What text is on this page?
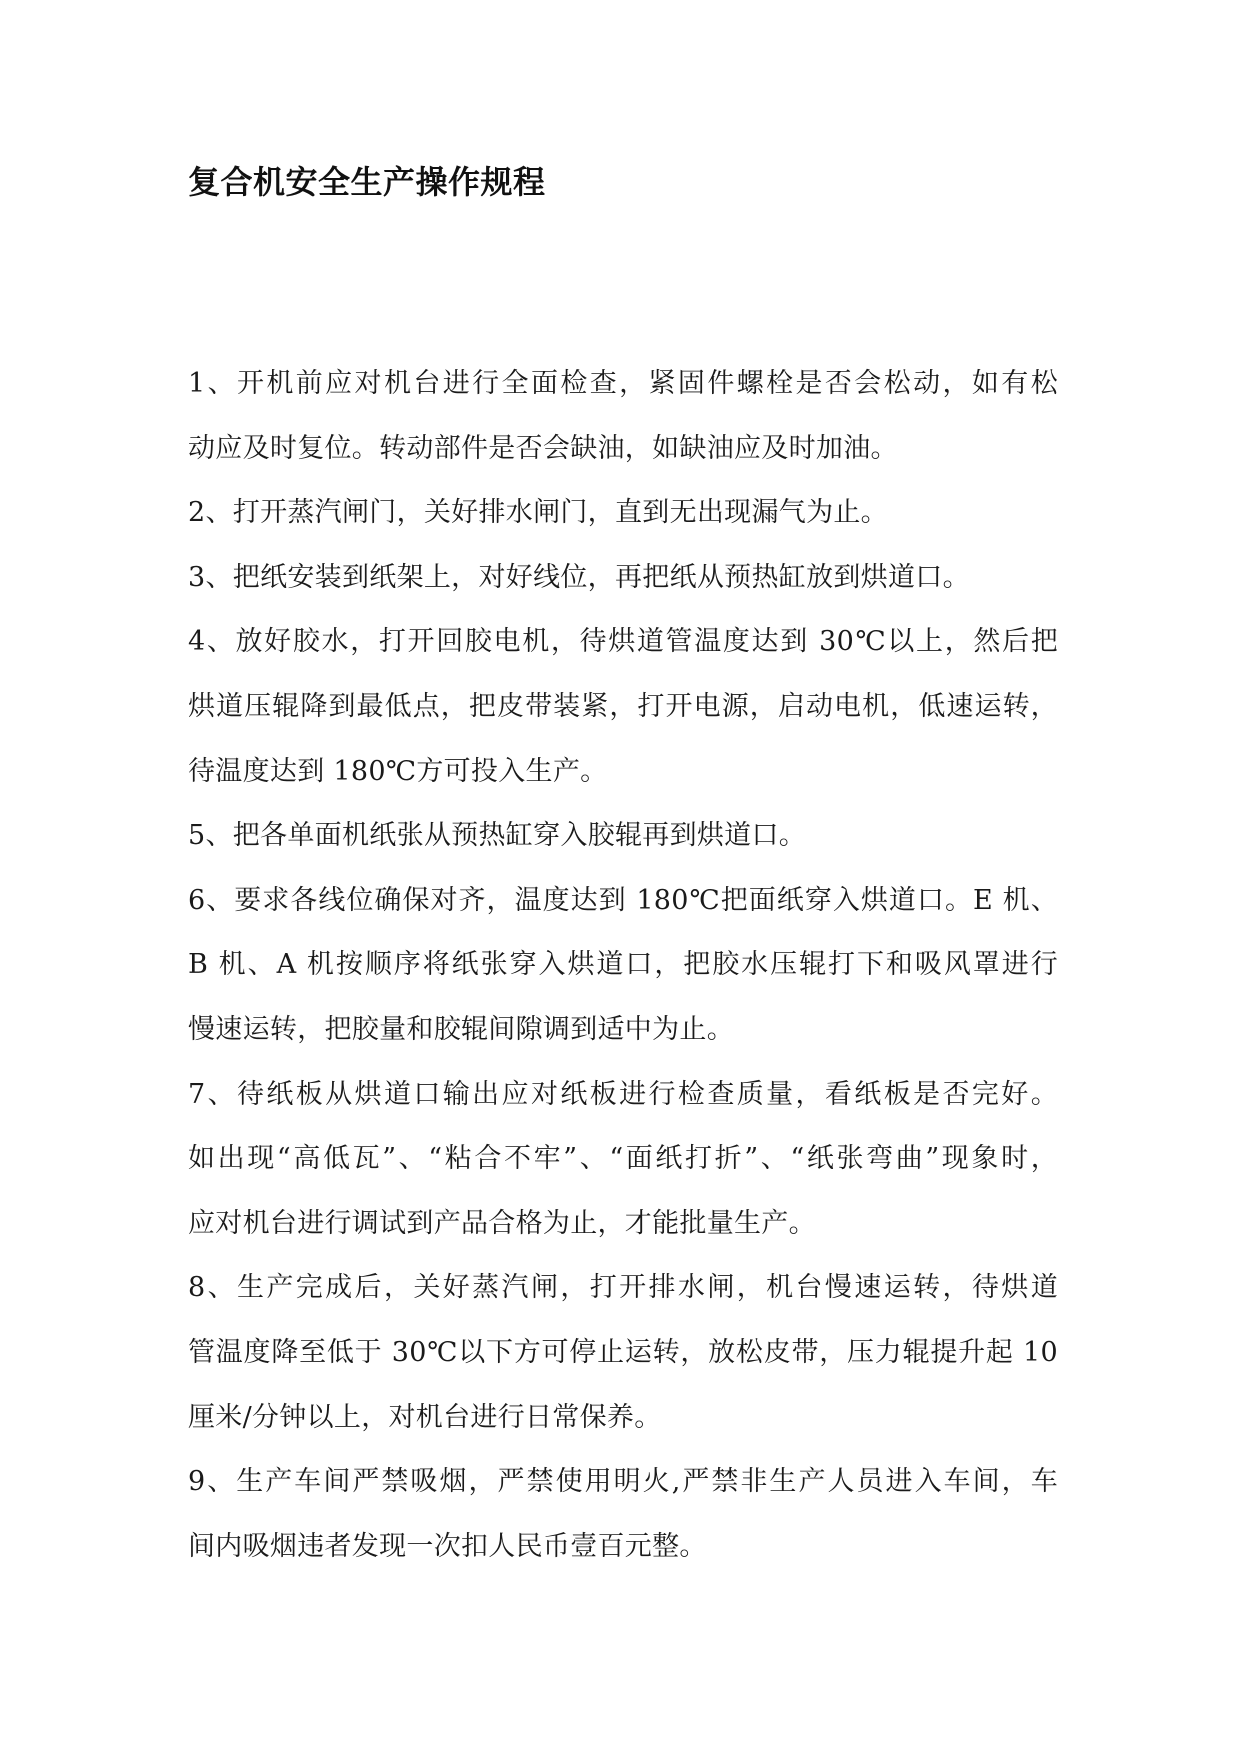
复合机安全生产操作规程
1、开机前应对机台进行全面检查，紧固件螺栓是否会松动，如有松
动应及时复位。转动部件是否会缺油，如缺油应及时加油。
2、打开蒸汽闸门，关好排水闸门，直到无出现漏气为止。
3、把纸安装到纸架上，对好线位，再把纸从预热缸放到烘道口。
4、放好胶水，打开回胶电机，待烘道管温度达到 30℃以上，然后把
烘道压辊降到最低点，把皮带装紧，打开电源，启动电机，低速运转，
待温度达到 180℃方可投入生产。
5、把各单面机纸张从预热缸穿入胶辊再到烘道口。
6、要求各线位确保对齐，温度达到 180℃把面纸穿入烘道口。E 机、
B 机、A 机按顺序将纸张穿入烘道口，把胶水压辊打下和吸风罩进行
慢速运转，把胶量和胶辊间隙调到适中为止。
7、待纸板从烘道口输出应对纸板进行检查质量，看纸板是否完好。
如出现“高低瓦”、“粘合不牢”、“面纸打折”、“纸张弯曲”现象时，
应对机台进行调试到产品合格为止，才能批量生产。
8、生产完成后，关好蒸汽闸，打开排水闸，机台慢速运转，待烘道
管温度降至低于 30℃以下方可停止运转，放松皮带，压力辊提升起 10
厘米/分钟以上，对机台进行日常保养。
9、生产车间严禁吸烟，严禁使用明火,严禁非生产人员进入车间，车
间内吸烟违者发现一次扣人民币壹百元整。
